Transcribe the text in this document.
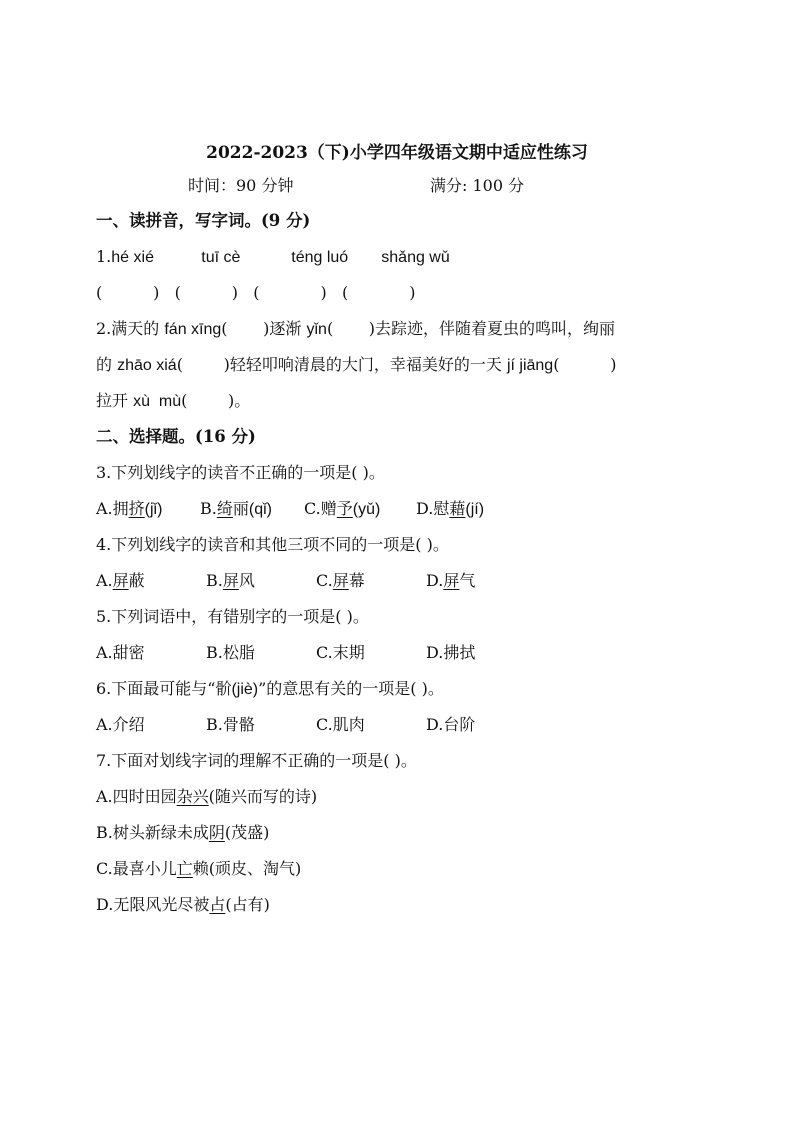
2022-2023（下)小学四年级语文期中适应性练习
时间：90 分钟	满分: 100 分
一、读拼音，写字词。(9 分)
1.hé xié	tuī cè	téng luó shǎng wǔ
(          ) (          ) (            ) (            )
2.满天的 fán xīng(       )逐渐 yǐn(       )去踪迹，伴随着夏虫的鸣叫，绚丽
的 zhāo xiá(        )轻轻叩响清晨的大门，幸福美好的一天 jí jiāng(          )
拉开 xù  mù(        )。
二、选择题。(16 分)
3.下列划线字的读音不正确的一项是( )。
A.拥挤(jǐ) B.绮丽(qǐ) C.赠予(yǔ) D.慰藉(jí)
4.下列划线字的读音和其他三项不同的一项是( )。
A.屏蔽	B.屏风	C.屏幕	D.屏气
5.下列词语中，有错别字的一项是( )。
A.甜密	B.松脂	C.末期	D.拂拭
6.下面最可能与“骱(jiè)”的意思有关的一项是( )。
A.介绍	B.骨骼	C.肌肉	D.台阶
7.下面对划线字词的理解不正确的一项是( )。
A.四时田园杂兴(随兴而写的诗)
B.树头新绿未成阴(茂盛)
C.最喜小儿亡赖(顽皮、淘气)
D.无限风光尽被占(占有)
